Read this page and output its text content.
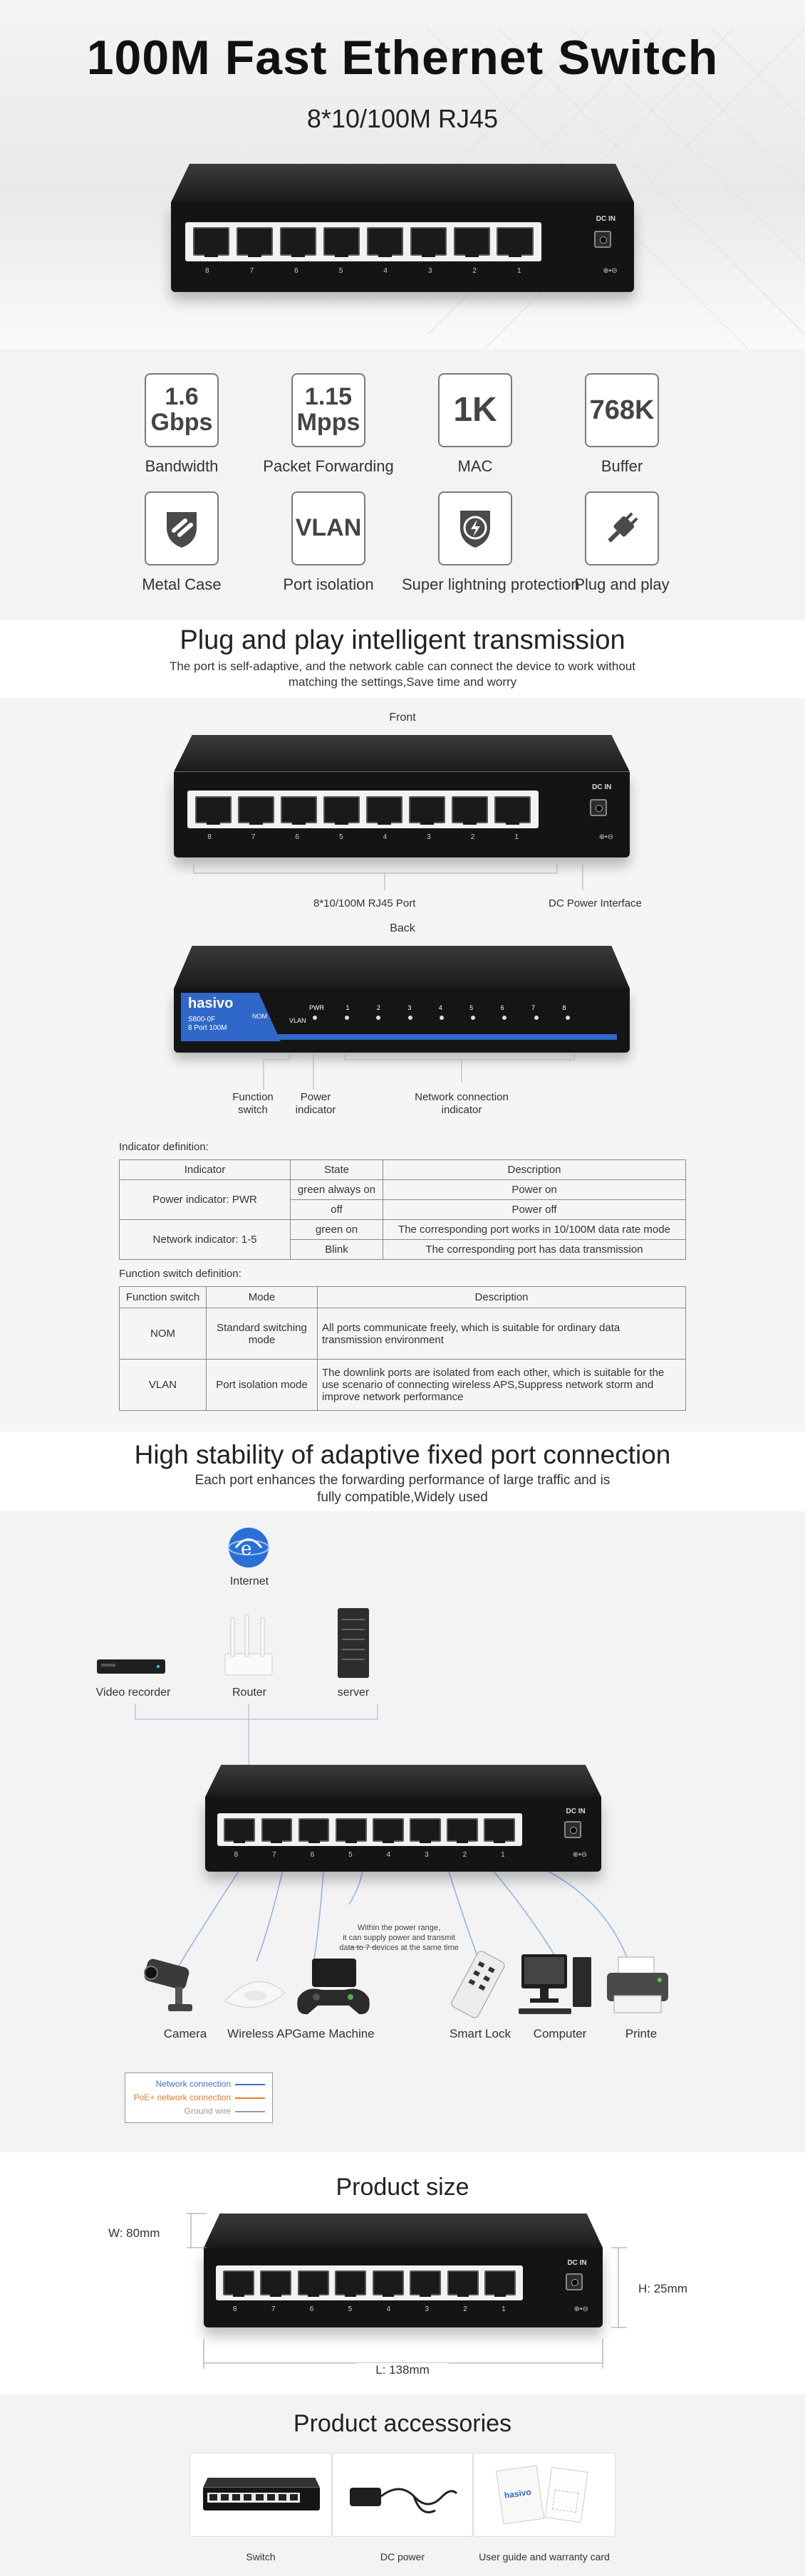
100M Fast Ethernet Switch
8*10/100M RJ45
8	7	6	5	4	3	2	1
DC IN
⊕•⊖
1.6
Gbps
Bandwidth
1.15
Mpps
Packet Forwarding
1K
MAC
768K
Buffer
Metal Case
VLAN
Port isolation	Super lightning protection
Plug and play
Plug and play intelligent transmission
The port is self-adaptive, and the network cable can connect the device to work without
matching the settings,Save time and worry
Front
8	7	6	5	4	3	2	1
DC IN
⊕•⊖
8*10/100M RJ45 Port	DC Power Interface
Back
hasivo
S800-0F
8 Port 100M
NOM
VLAN
PWR	1	2	3	4	5	6	7	8
Function
switch
Power
indicator
Network connection
indicator
Indicator definition:
Indicator	State	Description
Power indicator: PWR	green always on	Power on
	off	Power off
Network indicator: 1-5	green on	The corresponding port works in 10/100M data rate mode
	Blink	The corresponding port has data transmission
Function switch definition:
Function switch	Mode	Description
NOM	Standard switching mode	All ports communicate freely, which is suitable for ordinary data transmission environment
VLAN	Port isolation mode	The downlink ports are isolated from each other, which is suitable for the use scenario of connecting wireless APS,Suppress network storm and improve network performance
High stability of adaptive fixed port connection
Each port enhances the forwarding performance of large traffic and is
fully compatible,Widely used
e
Internet
Router
Video recorder	server
8	7	6	5	4	3	2	1
DC IN
⊕•⊖
Within the power range,
it can supply power and transmit
data to 7 devices at the same time
Camera	Wireless AP Game Machine	Smart Lock	Computer	Printe
Network connection
PoE+ network connection
Ground wire
Product size
8	7	6	5	4	3	2	1
DC IN
⊕•⊖
W: 80mm
H: 25mm
L: 138mm
Product accessories
Switch	DC power
hasivo
User guide and warranty card
